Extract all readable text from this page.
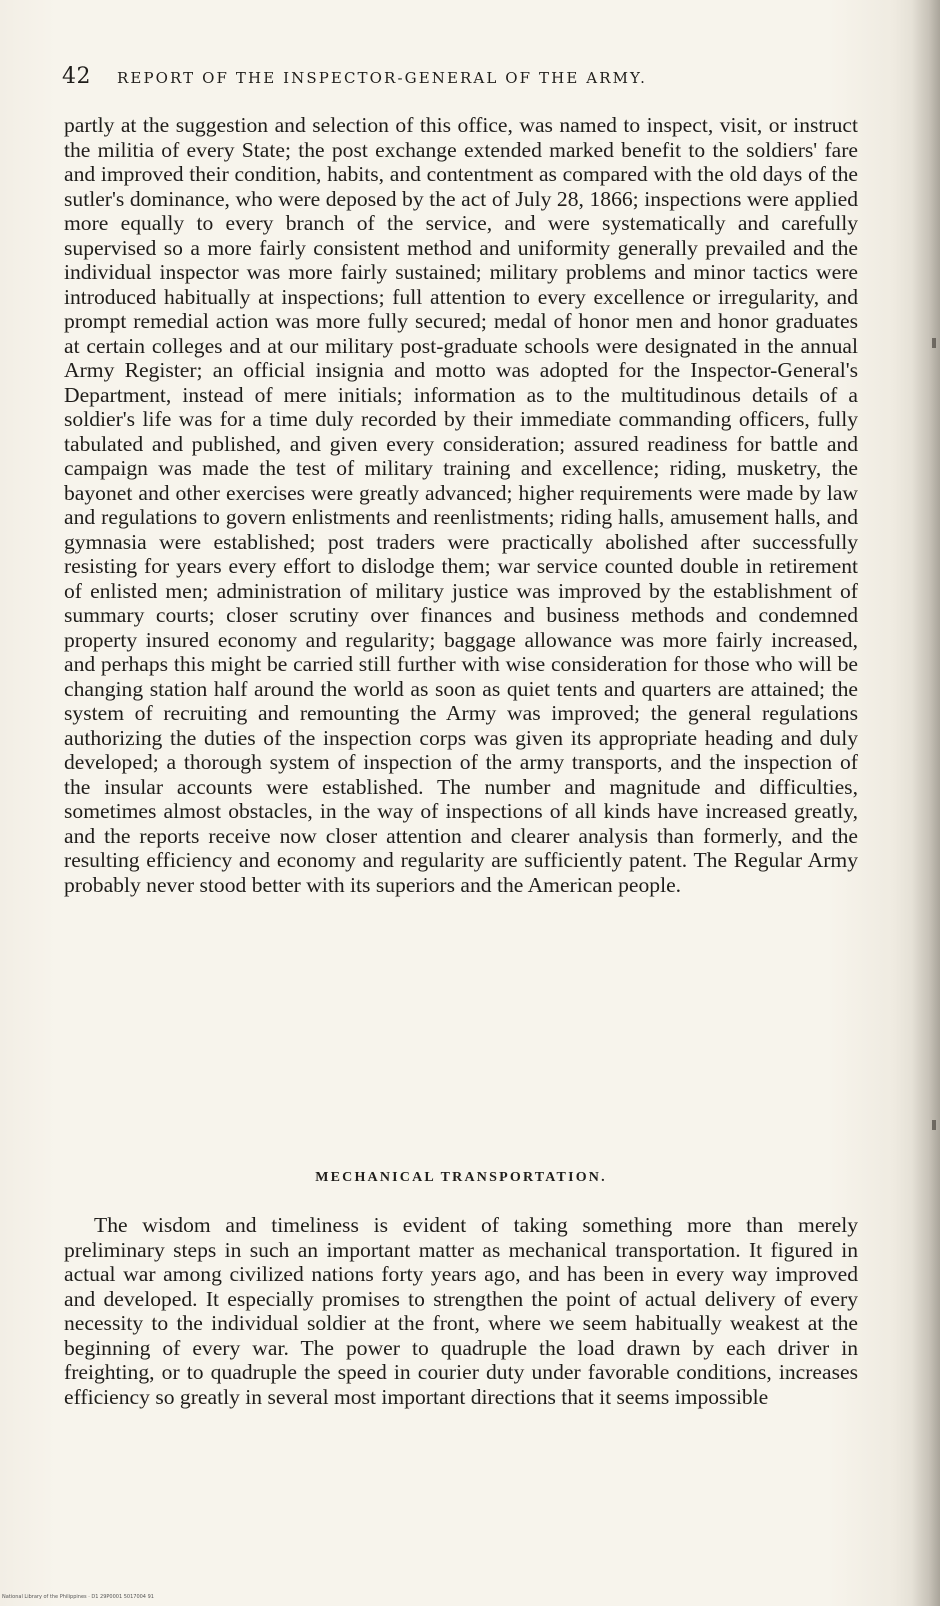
42 REPORT OF THE INSPECTOR-GENERAL OF THE ARMY.

partly at the suggestion and selection of this office, was named to inspect, visit, or instruct the militia of every State; the post exchange extended marked benefit to the soldiers' fare and improved their condition, habits, and contentment as compared with the old days of the sutler's dominance, who were deposed by the act of July 28, 1866; inspections were applied more equally to every branch of the service, and were systematically and carefully supervised so a more fairly consistent method and uniformity generally prevailed and the individual inspector was more fairly sustained; military problems and minor tactics were introduced habitually at inspections; full attention to every excellence or irregularity, and prompt remedial action was more fully secured; medal of honor men and honor graduates at certain colleges and at our military post-graduate schools were designated in the annual Army Register; an official insignia and motto was adopted for the Inspector-General's Department, instead of mere initials; information as to the multitudinous details of a soldier's life was for a time duly recorded by their immediate commanding officers, fully tabulated and published, and given every consideration; assured readiness for battle and campaign was made the test of military training and excellence; riding, musketry, the bayonet and other exercises were greatly advanced; higher requirements were made by law and regulations to govern enlistments and reenlistments; riding halls, amusement halls, and gymnasia were established; post traders were practically abolished after successfully resisting for years every effort to dislodge them; war service counted double in retirement of enlisted men; administration of military justice was improved by the establishment of summary courts; closer scrutiny over finances and business methods and condemned property insured economy and regularity; baggage allowance was more fairly increased, and perhaps this might be carried still further with wise consideration for those who will be changing station half around the world as soon as quiet tents and quarters are attained; the system of recruiting and remounting the Army was improved; the general regulations authorizing the duties of the inspection corps was given its appropriate heading and duly developed; a thorough system of inspection of the army transports, and the inspection of the insular accounts were established. The number and magnitude and difficulties, sometimes almost obstacles, in the way of inspections of all kinds have increased greatly, and the reports receive now closer attention and clearer analysis than formerly, and the resulting efficiency and economy and regularity are sufficiently patent. The Regular Army probably never stood better with its superiors and the American people.

MECHANICAL TRANSPORTATION.

The wisdom and timeliness is evident of taking something more than merely preliminary steps in such an important matter as mechanical transportation. It figured in actual war among civilized nations forty years ago, and has been in every way improved and developed. It especially promises to strengthen the point of actual delivery of every necessity to the individual soldier at the front, where we seem habitually weakest at the beginning of every war. The power to quadruple the load drawn by each driver in freighting, or to quadruple the speed in courier duty under favorable conditions, increases efficiency so greatly in several most important directions that it seems impossible

National Library of the Philippines · D1 29P0001 5017004 91
